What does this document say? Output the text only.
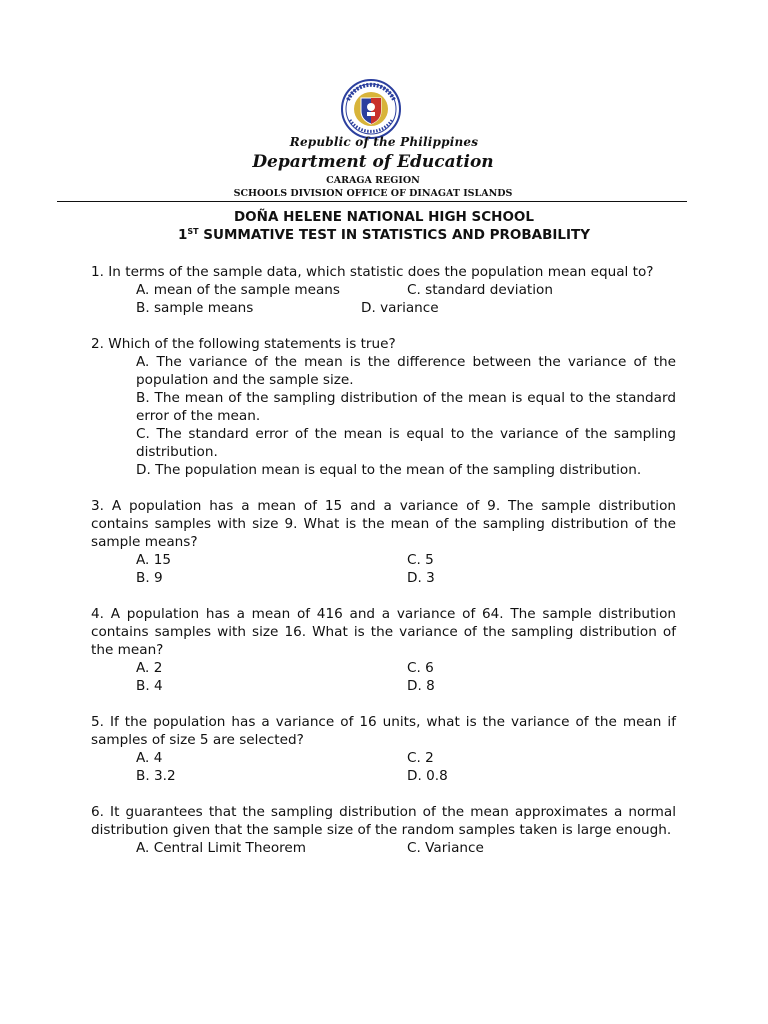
Republic of the Philippines
Department of Education
CARAGA REGION
SCHOOLS DIVISION OFFICE OF DINAGAT ISLANDS
DOÑA HELENE NATIONAL HIGH SCHOOL
1ST SUMMATIVE TEST IN STATISTICS AND PROBABILITY
1. In terms of the sample data, which statistic does the population mean equal to?
A. mean of the sample means	C. standard deviation
B. sample means	D. variance
2. Which of the following statements is true?
A. The variance of the mean is the difference between the variance of the population and the sample size.
B. The mean of the sampling distribution of the mean is equal to the standard error of the mean.
C. The standard error of the mean is equal to the variance of the sampling distribution.
D. The population mean is equal to the mean of the sampling distribution.
3. A population has a mean of 15 and a variance of 9. The sample distribution contains samples with size 9. What is the mean of the sampling distribution of the sample means?
A. 15	C. 5
B. 9	D. 3
4. A population has a mean of 416 and a variance of 64. The sample distribution contains samples with size 16. What is the variance of the sampling distribution of the mean?
A. 2	C. 6
B. 4	D. 8
5. If the population has a variance of 16 units, what is the variance of the mean if samples of size 5 are selected?
A. 4	C. 2
B. 3.2	D. 0.8
6. It guarantees that the sampling distribution of the mean approximates a normal distribution given that the sample size of the random samples taken is large enough.
A. Central Limit Theorem	C. Variance
